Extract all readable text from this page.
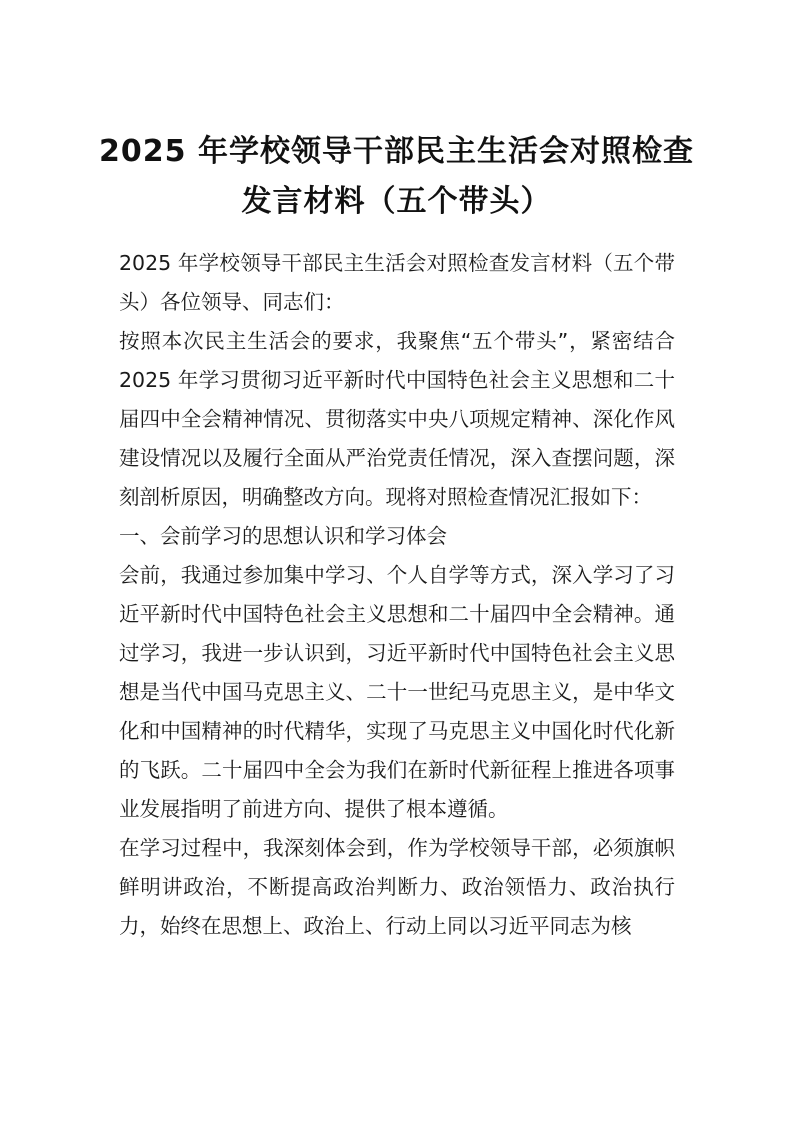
2025 年学校领导干部民主生活会对照检查
发言材料（五个带头）

2025 年学校领导干部民主生活会对照检查发言材料（五个带头）各位领导、同志们：

按照本次民主生活会的要求，我聚焦“五个带头”，紧密结合 2025 年学习贯彻习近平新时代中国特色社会主义思想和二十届四中全会精神情况、贯彻落实中央八项规定精神、深化作风建设情况以及履行全面从严治党责任情况，深入查摆问题，深刻剖析原因，明确整改方向。现将对照检查情况汇报如下：

一、会前学习的思想认识和学习体会

会前，我通过参加集中学习、个人自学等方式，深入学习了习近平新时代中国特色社会主义思想和二十届四中全会精神。通过学习，我进一步认识到，习近平新时代中国特色社会主义思想是当代中国马克思主义、二十一世纪马克思主义，是中华文化和中国精神的时代精华，实现了马克思主义中国化时代化新的飞跃。二十届四中全会为我们在新时代新征程上推进各项事业发展指明了前进方向、提供了根本遵循。

在学习过程中，我深刻体会到，作为学校领导干部，必须旗帜鲜明讲政治，不断提高政治判断力、政治领悟力、政治执行力，始终在思想上、政治上、行动上同以习近平同志为核
